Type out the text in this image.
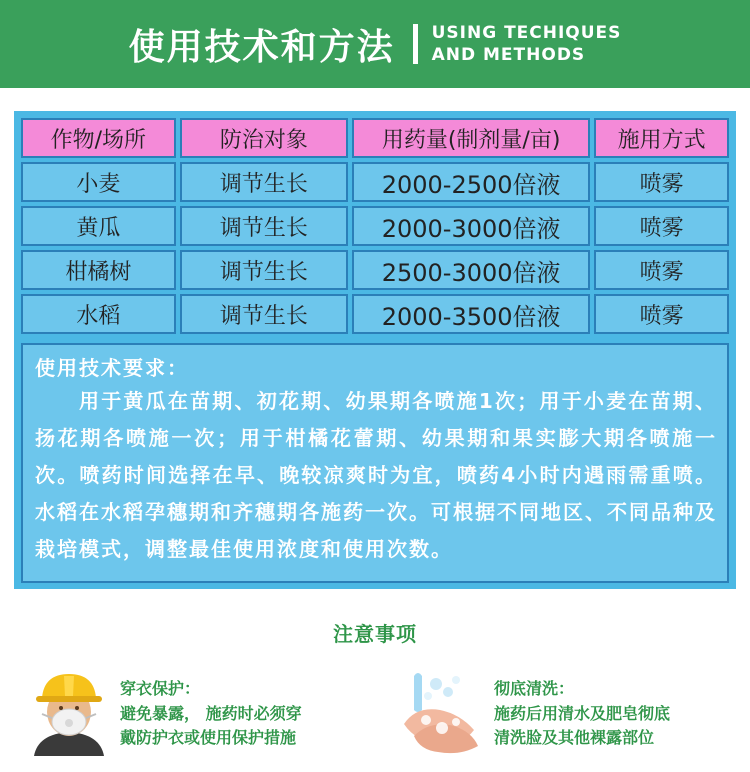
使用技术和方法 USING TECHIQUES
AND METHODS
作物/场所	防治对象	用药量(制剂量/亩)	施用方式
小麦	调节生长	2000-2500倍液	喷雾
黄瓜	调节生长	2000-3000倍液	喷雾
柑橘树	调节生长	2500-3000倍液	喷雾
水稻	调节生长	2000-3500倍液	喷雾
使用技术要求：
用于黄瓜在苗期、初花期、幼果期各喷施1次；用于小麦在苗期、扬花期各喷施一次；用于柑橘花蕾期、幼果期和果实膨大期各喷施一次。喷药时间选择在早、晚较凉爽时为宜，喷药4小时内遇雨需重喷。水稻在水稻孕穗期和齐穗期各施药一次。可根据不同地区、不同品种及栽培模式，调整最佳使用浓度和使用次数。
注意事项
穿衣保护：
避免暴露， 施药时必须穿
戴防护衣或使用保护措施
彻底清洗：
施药后用清水及肥皂彻底
清洗脸及其他裸露部位
